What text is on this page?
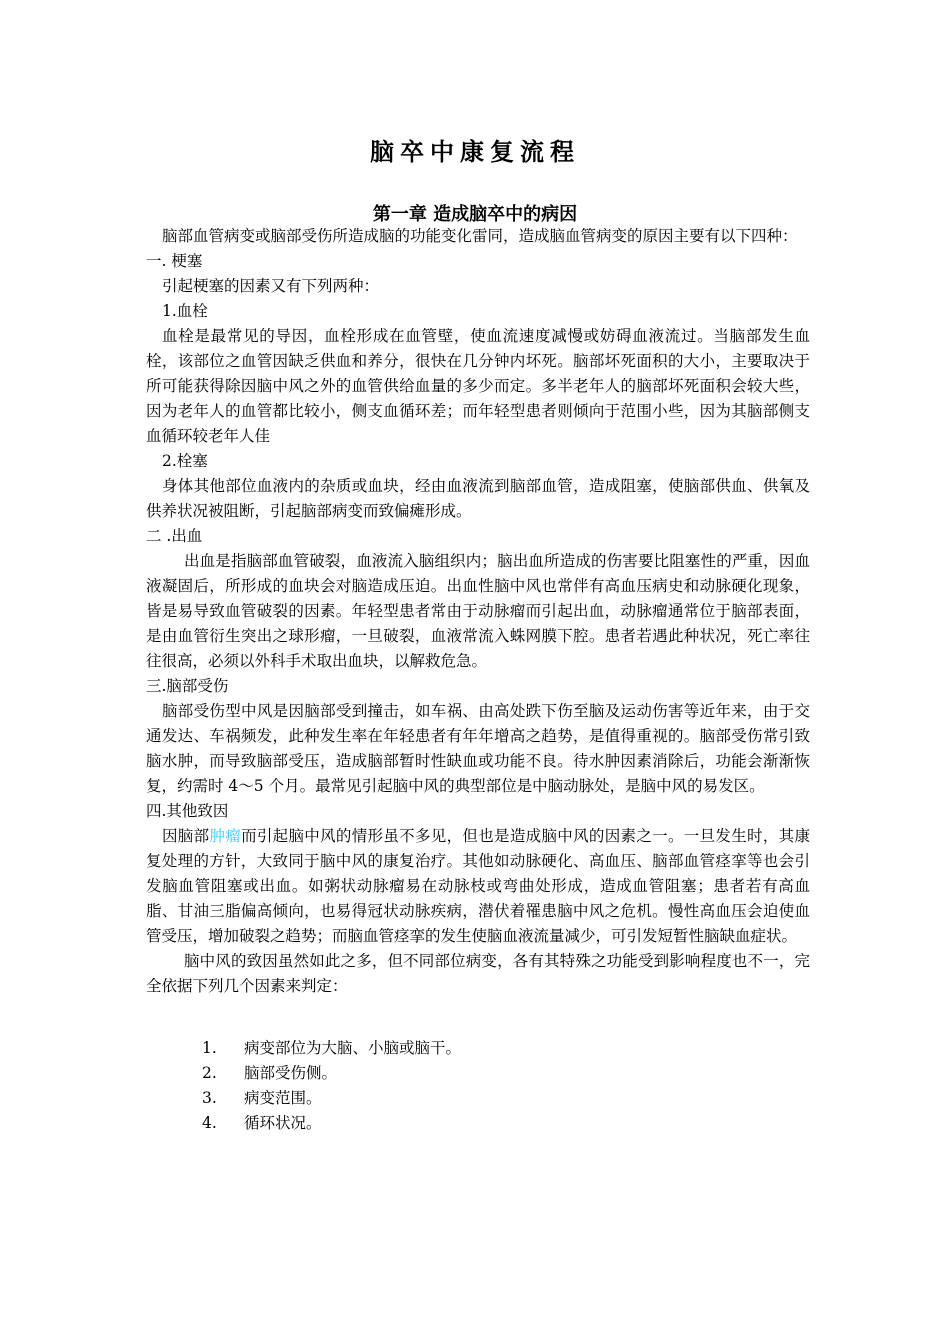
脑卒中康复流程
第一章 造成脑卒中的病因

脑部血管病变或脑部受伤所造成脑的功能变化雷同，造成脑血管病变的原因主要有以下四种：

一. 梗塞

引起梗塞的因素又有下列两种：

1.血栓

血栓是最常见的导因，血栓形成在血管壁，使血流速度减慢或妨碍血液流过。当脑部发生血栓，该部位之血管因缺乏供血和养分，很快在几分钟内坏死。脑部坏死面积的大小，主要取决于所可能获得除因脑中风之外的血管供给血量的多少而定。多半老年人的脑部坏死面积会较大些，因为老年人的血管都比较小，侧支血循环差；而年轻型患者则倾向于范围小些，因为其脑部侧支血循环较老年人佳

2.栓塞

身体其他部位血液内的杂质或血块，经由血液流到脑部血管，造成阻塞，使脑部供血、供氧及供养状况被阻断，引起脑部病变而致偏瘫形成。

二 .出血

出血是指脑部血管破裂，血液流入脑组织内；脑出血所造成的伤害要比阻塞性的严重，因血液凝固后，所形成的血块会对脑造成压迫。出血性脑中风也常伴有高血压病史和动脉硬化现象，皆是易导致血管破裂的因素。年轻型患者常由于动脉瘤而引起出血，动脉瘤通常位于脑部表面，是由血管衍生突出之球形瘤，一旦破裂，血液常流入蛛网膜下腔。患者若遇此种状况，死亡率往往很高，必须以外科手术取出血块，以解救危急。

三.脑部受伤

脑部受伤型中风是因脑部受到撞击，如车祸、由高处跌下伤至脑及运动伤害等近年来，由于交通发达、车祸频发，此种发生率在年轻患者有年年增高之趋势，是值得重视的。脑部受伤常引致脑水肿，而导致脑部受压，造成脑部暂时性缺血或功能不良。待水肿因素消除后，功能会渐渐恢复，约需时 4～5 个月。最常见引起脑中风的典型部位是中脑动脉处，是脑中风的易发区。

四.其他致因

因脑部肿瘤而引起脑中风的情形虽不多见，但也是造成脑中风的因素之一。一旦发生时，其康复处理的方针，大致同于脑中风的康复治疗。其他如动脉硬化、高血压、脑部血管痉挛等也会引发脑血管阻塞或出血。如粥状动脉瘤易在动脉枝或弯曲处形成，造成血管阻塞；患者若有高血脂、甘油三脂偏高倾向，也易得冠状动脉疾病，潜伏着罹患脑中风之危机。慢性高血压会迫使血管受压，增加破裂之趋势；而脑血管痉挛的发生使脑血液流量减少，可引发短暂性脑缺血症状。

脑中风的致因虽然如此之多，但不同部位病变，各有其特殊之功能受到影响程度也不一，完全依据下列几个因素来判定：

1.	病变部位为大脑、小脑或脑干。
2.	脑部受伤侧。
3.	病变范围。
4.	循环状况。
